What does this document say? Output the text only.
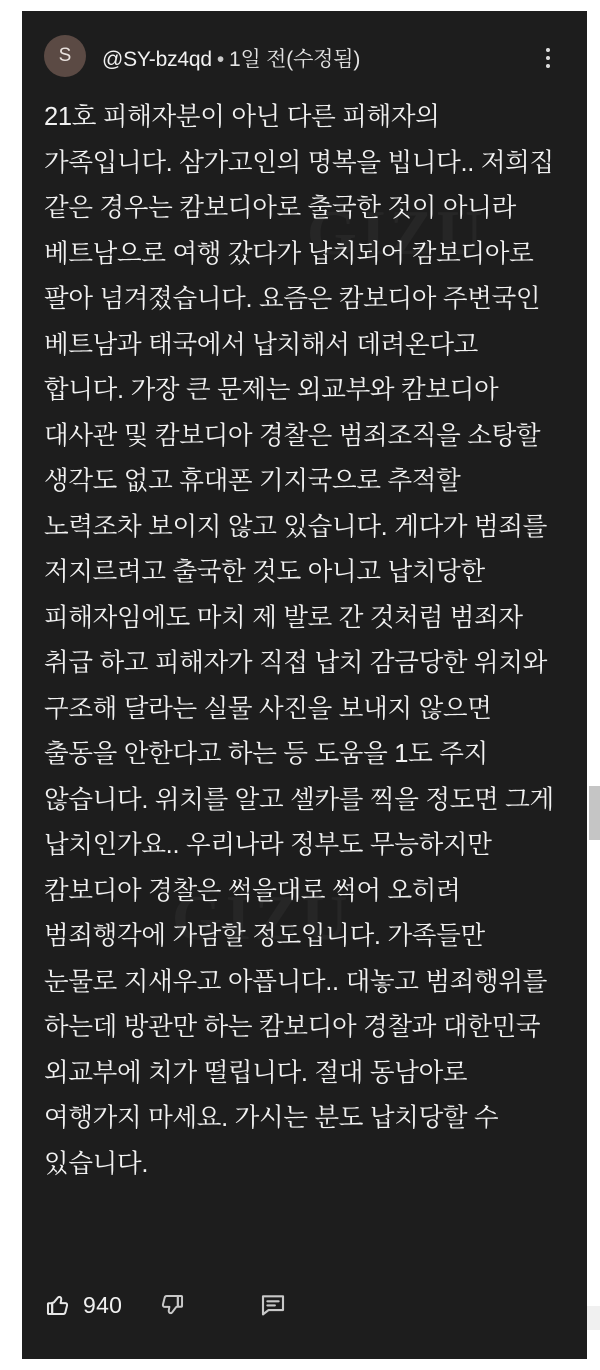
S	@SY-bz4qd • 1일 전(수정됨)
21호 피해자분이 아닌 다른 피해자의 가족입니다. 삼가고인의 명복을 빕니다.. 저희집 같은 경우는 캄보디아로 출국한 것이 아니라 베트남으로 여행 갔다가 납치되어 캄보디아로 팔아 넘겨졌습니다. 요즘은 캄보디아 주변국인 베트남과 태국에서 납치해서 데려온다고 합니다. 가장 큰 문제는 외교부와 캄보디아 대사관 및 캄보디아 경찰은 범죄조직을 소탕할 생각도 없고 휴대폰 기지국으로 추적할 노력조차 보이지 않고 있습니다. 게다가 범죄를 저지르려고 출국한 것도 아니고 납치당한 피해자임에도 마치 제 발로 간 것처럼 범죄자 취급 하고 피해자가 직접 납치 감금당한 위치와 구조해 달라는 실물 사진을 보내지 않으면 출동을 안한다고 하는 등 도움을 1도 주지 않습니다. 위치를 알고 셀카를 찍을 정도면 그게 납치인가요.. 우리나라 정부도 무능하지만 캄보디아 경찰은 썩을대로 썩어 오히려 범죄행각에 가담할 정도입니다. 가족들만 눈물로 지새우고 아픕니다.. 대놓고 범죄행위를 하는데 방관만 하는 캄보디아 경찰과 대한민국 외교부에 치가 떨립니다. 절대 동남아로 여행가지 마세요. 가시는 분도 납치당할 수 있습니다.
940
